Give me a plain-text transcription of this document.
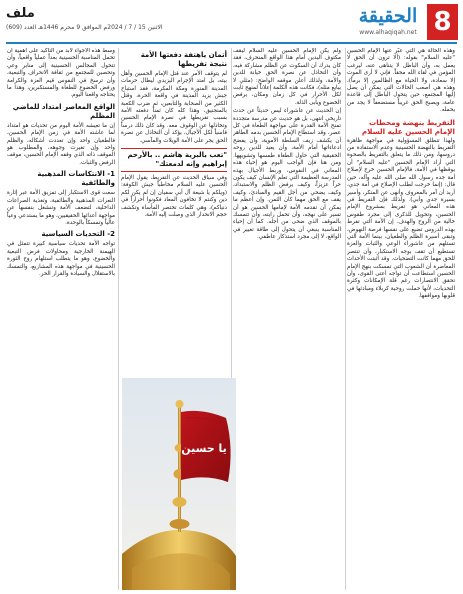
8
الحقيقة
www.alhaqiqah.net
ملف
الاثنين 15 / 7 / 2024م الموافق 9 محرم 1446هـ العدد (609)

وهذه الحالة هي التي عبّر عنها الإمام الحسين "عليه السلام" بقوله: (ألا ترون أن الحق لا يعمل به، وأن الباطل لا يتناهى عنه، ليرغب المؤمن في لقاء الله محقاً. فإني لا أرى الموت إلا سعادة، ولا الحياة مع الظالمين إلا برماً)، وهذه هي أصعب الحالات التي يمكن أن يصل إليها المجتمع، حين يتحول الباطل إلى قاعدة عامة، ويصبح الحق غريباً مستضعفاً لا يجد من يحمله.

التفريط بنهضة ومحطات الإمام الحسين عليه السلام

ولهذا تنطلق المسؤولية في مواجهة ظاهرة التفريط بالنهضة الحسينية وعدم الاستفادة من دروسها، ومن ذلك ما يتعلق بالتفريط بالصحوة التي أراد الإمام الحسين "عليه السلام" أن يوقظها في الأمة، فالإمام الحسين خرج لإصلاح أمة جده رسول الله صلى الله عليه وآله، حين قال: (إنما خرجت لطلب الإصلاح في أمة جدي، أريد أن آمر بالمعروف وأنهى عن المنكر، وأسير بسيرة جدي وأبي). ولذلك فإن التفريط في هذه المعاني هو تفريط بمشروع الإمام الحسين، وتحويل للذكرى إلى مجرد طقوس خالية من الروح والهدف. إن الأمة التي تفرط بهذه الدروس تضيع على نفسها فرصة النهوض، وتبقى أسيرة الظلم والطغيان، بينما الأمة التي تستلهم من عاشوراء الوعي والثبات والعزة تستطيع أن تقف بوجه الاستكبار، وأن تنتصر للحق مهما كانت التضحيات. وقد أثبتت الأحداث المعاصرة أن الشعوب التي تمسكت بنهج الإمام الحسين استطاعت أن تواجه أعتى القوى، وأن تحقق الانتصارات رغم قلة الإمكانات وكثرة التحديات، لأنها حملت روحية كربلاء ومبادئها في قلوبها ومواقفها.

ولم يكن الإمام الحسين عليه السلام ليقف مكتوف اليدين أمام هذا الواقع المنحرف، فقد كان يدرك أن السكوت عن الظلم مشاركة فيه، وأن التخاذل عن نصرة الحق خيانة للدين والأمة، ولذلك أعلن موقفه الواضح: (مثلي لا يبايع مثله)، فكانت هذه الكلمة إعلاناً لمنهج ثابت لكل الأحرار في كل زمان ومكان، يرفض الخضوع ويأبى الذلة.

إن الحديث عن عاشوراء ليس حديثاً عن حدث تاريخي انتهى، بل هو حديث عن مدرسة متجددة تمنح الأمة القدرة على مواجهة الطغاة في كل عصر، وقد استطاع الإمام الحسين بدمه الطاهر أن يكشف زيف السلطة الأموية، وأن يفضح ادعاءاتها أمام الأمة، وأن يعيد للدين روحه الحقيقية التي حاول الطغاة طمسها وتشويهها. ومن هنا فإن الواجب اليوم هو إحياء هذه المعاني في النفوس، وربط الأجيال بهذه المدرسة العظيمة التي تعلم الإنسان كيف يكون حراً عزيزاً، وكيف يرفض الظلم والاستبداد، وكيف يضحي من أجل القيم والمبادئ، وكيف يقف مع الحق مهما كان الثمن. وإن أعظم ما يمكن أن تقدمه الأمة لإمامها الحسين هو أن تسير على نهجه، وأن تحمل رايته، وأن تتمسك بالموقف الذي ضحى من أجله. كما أن إحياء المناسبة ينبغي أن يتحول إلى طاقة تغيير في الواقع، لا إلى مجرد استذكار عاطفي.

أتمان ياهتفة دفعتها الأمة نتيجة تفريطها

لم يتوقف الأمر عند قتل الإمام الحسين وأهل بيته، بل امتد الإجرام اليزيدي ليطال حرمات المدينة المنورة ومكة المكرمة، فقد استباح جيش يزيد المدينة في واقعة الحرة، وقتل الكثير من الصحابة والتابعين، ثم ضرب الكعبة بالمنجنيق، وهذا كله كان ثمناً دفعته الأمة بسبب تفريطها في نصرة الإمام الحسين وتخاذلها عن الوقوف معه. وقد كان ذلك درساً قاسياً لكل الأجيال، يؤكد أن التخاذل عن نصرة الحق يجر على الأمة الويلات والمآسي.

"تعب بالبرية هاشم .. بالأرحم إبراهيم وإنه لدمعتك"

وفي سياق الحديث عن التفريط، يقول الإمام الحسين عليه السلام مخاطباً جيش الكوفة: (ويلكم يا شيعة آل أبي سفيان إن لم يكن لكم دين وكنتم لا تخافون المعاد فكونوا أحراراً في دنياكم)، وهي كلمات تختصر المأساة وتكشف حجم الانحدار الذي وصلت إليه الأمة.

وسط هذه الأجواء لابد من التأكيد على أهمية أن تحمل المناسبة الحسينية بعداً عملياً واقعياً، وأن تتحول المجالس الحسينية إلى منابر وعي وتحصين للمجتمع من ثقافة الانحراف والتبعية، وأن ترسخ في النفوس قيم العزة والكرامة ورفض الخضوع للطغاة والمستكبرين، وهذا ما يحتاجه واقعنا اليوم.

الواقع المعاصر امتداد للماضي المظلم

إن ما تعيشه الأمة اليوم من تحديات هو امتداد لما عاشته الأمة في زمن الإمام الحسين، فالطغيان واحد وإن تعددت أشكاله، والظلم واحد وإن تغيرت وجوهه، والمطلوب هو الموقف ذاته الذي وقفه الإمام الحسين، موقف الرفض والثبات.

1- الانتكاسات المذهبية والطائفية

سعت قوى الاستكبار إلى تمزيق الأمة عبر إثارة النعرات المذهبية والطائفية، وتغذية الصراعات الداخلية، لتضعف الأمة وتنشغل بنفسها عن مواجهة أعدائها الحقيقيين، وهو ما يستدعي وعياً عالياً وتمسكاً بالوحدة.

2- التحديات السياسية

تواجه الأمة تحديات سياسية كبيرة تتمثل في الهيمنة الخارجية ومحاولات فرض التبعية والخضوع، وهو ما يتطلب استلهام روح الثورة الحسينية في مواجهة هذه المشاريع، والتمسك بالاستقلال والسيادة والقرار الحر.

يا حسين
